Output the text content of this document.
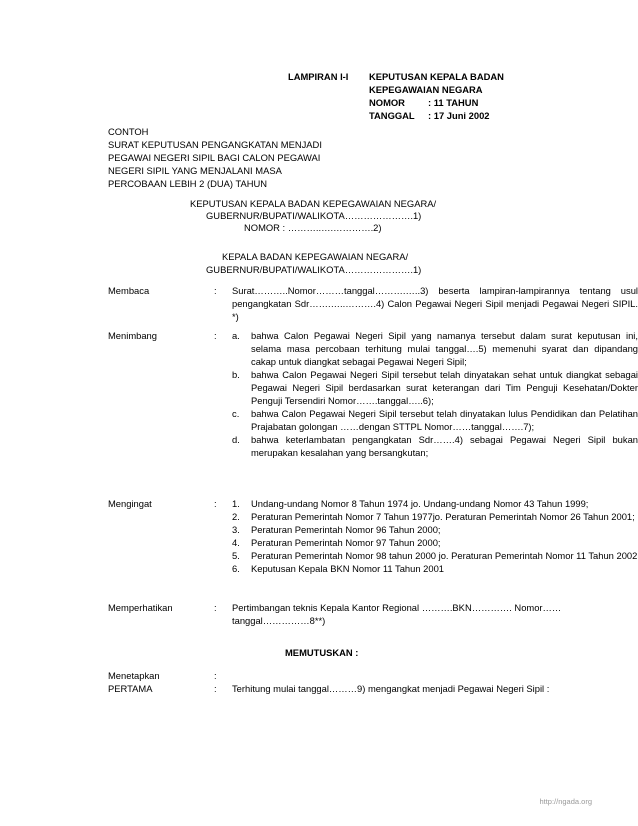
LAMPIRAN I-I KEPUTUSAN KEPALA BADAN
KEPEGAWAIAN NEGARA
NOMOR : 11 TAHUN
TANGGAL : 17 Juni 2002
CONTOH
SURAT KEPUTUSAN PENGANGKATAN MENJADI
PEGAWAI NEGERI SIPIL BAGI CALON PEGAWAI
NEGERI SIPIL YANG MENJALANI MASA
PERCOBAAN LEBIH 2 (DUA) TAHUN
KEPUTUSAN KEPALA BADAN KEPEGAWAIAN NEGARA/
GUBERNUR/BUPATI/WALIKOTA………………….1)
NOMOR : ………..….………….2)
KEPALA BADAN KEPEGAWAIAN NEGARA/
GUBERNUR/BUPATI/WALIKOTA………………….1)
Membaca	: Surat………..Nomor………tanggal……….…..3) beserta lampiran-lampirannya tentang usul pengangkatan Sdr…….…..……….4) Calon Pegawai Negeri Sipil menjadi Pegawai Negeri SIPIL. *)
Menimbang	: a. bahwa Calon Pegawai Negeri Sipil yang namanya tersebut dalam surat keputusan ini, selama masa percobaan terhitung mulai tanggal….5) memenuhi syarat dan dipandang cakap untuk diangkat sebagai Pegawai Negeri Sipil;
b. bahwa Calon Pegawai Negeri Sipil tersebut telah dinyatakan sehat untuk diangkat sebagai Pegawai Negeri Sipil berdasarkan surat keterangan dari Tim Penguji Kesehatan/Dokter Penguji Tersendiri Nomor…….tanggal…..6);
c. bahwa Calon Pegawai Negeri Sipil tersebut telah dinyatakan lulus Pendidikan dan Pelatihan Prajabatan golongan ……dengan STTPL Nomor……tanggal…….7);
d. bahwa keterlambatan pengangkatan Sdr…….4) sebagai Pegawai Negeri Sipil bukan merupakan kesalahan yang bersangkutan;
Mengingat	: 1. Undang-undang Nomor 8 Tahun 1974 jo. Undang-undang Nomor 43 Tahun 1999;
2. Peraturan Pemerintah Nomor 7 Tahun 1977jo. Peraturan Pemerintah Nomor 26 Tahun 2001;
3. Peraturan Pemerintah Nomor 96 Tahun 2000;
4. Peraturan Pemerintah Nomor 97 Tahun 2000;
5. Peraturan Pemerintah Nomor 98 tahun 2000 jo. Peraturan Pemerintah Nomor 11 Tahun 2002
6. Keputusan Kepala BKN Nomor 11 Tahun 2001
Memperhatikan	: Pertimbangan teknis Kepala Kantor Regional ……….BKN…………. Nomor……tanggal……………8**)
MEMUTUSKAN :
Menetapkan	:
PERTAMA	: Terhitung mulai tanggal………9) mengangkat menjadi Pegawai Negeri Sipil :
http://ngada.org
